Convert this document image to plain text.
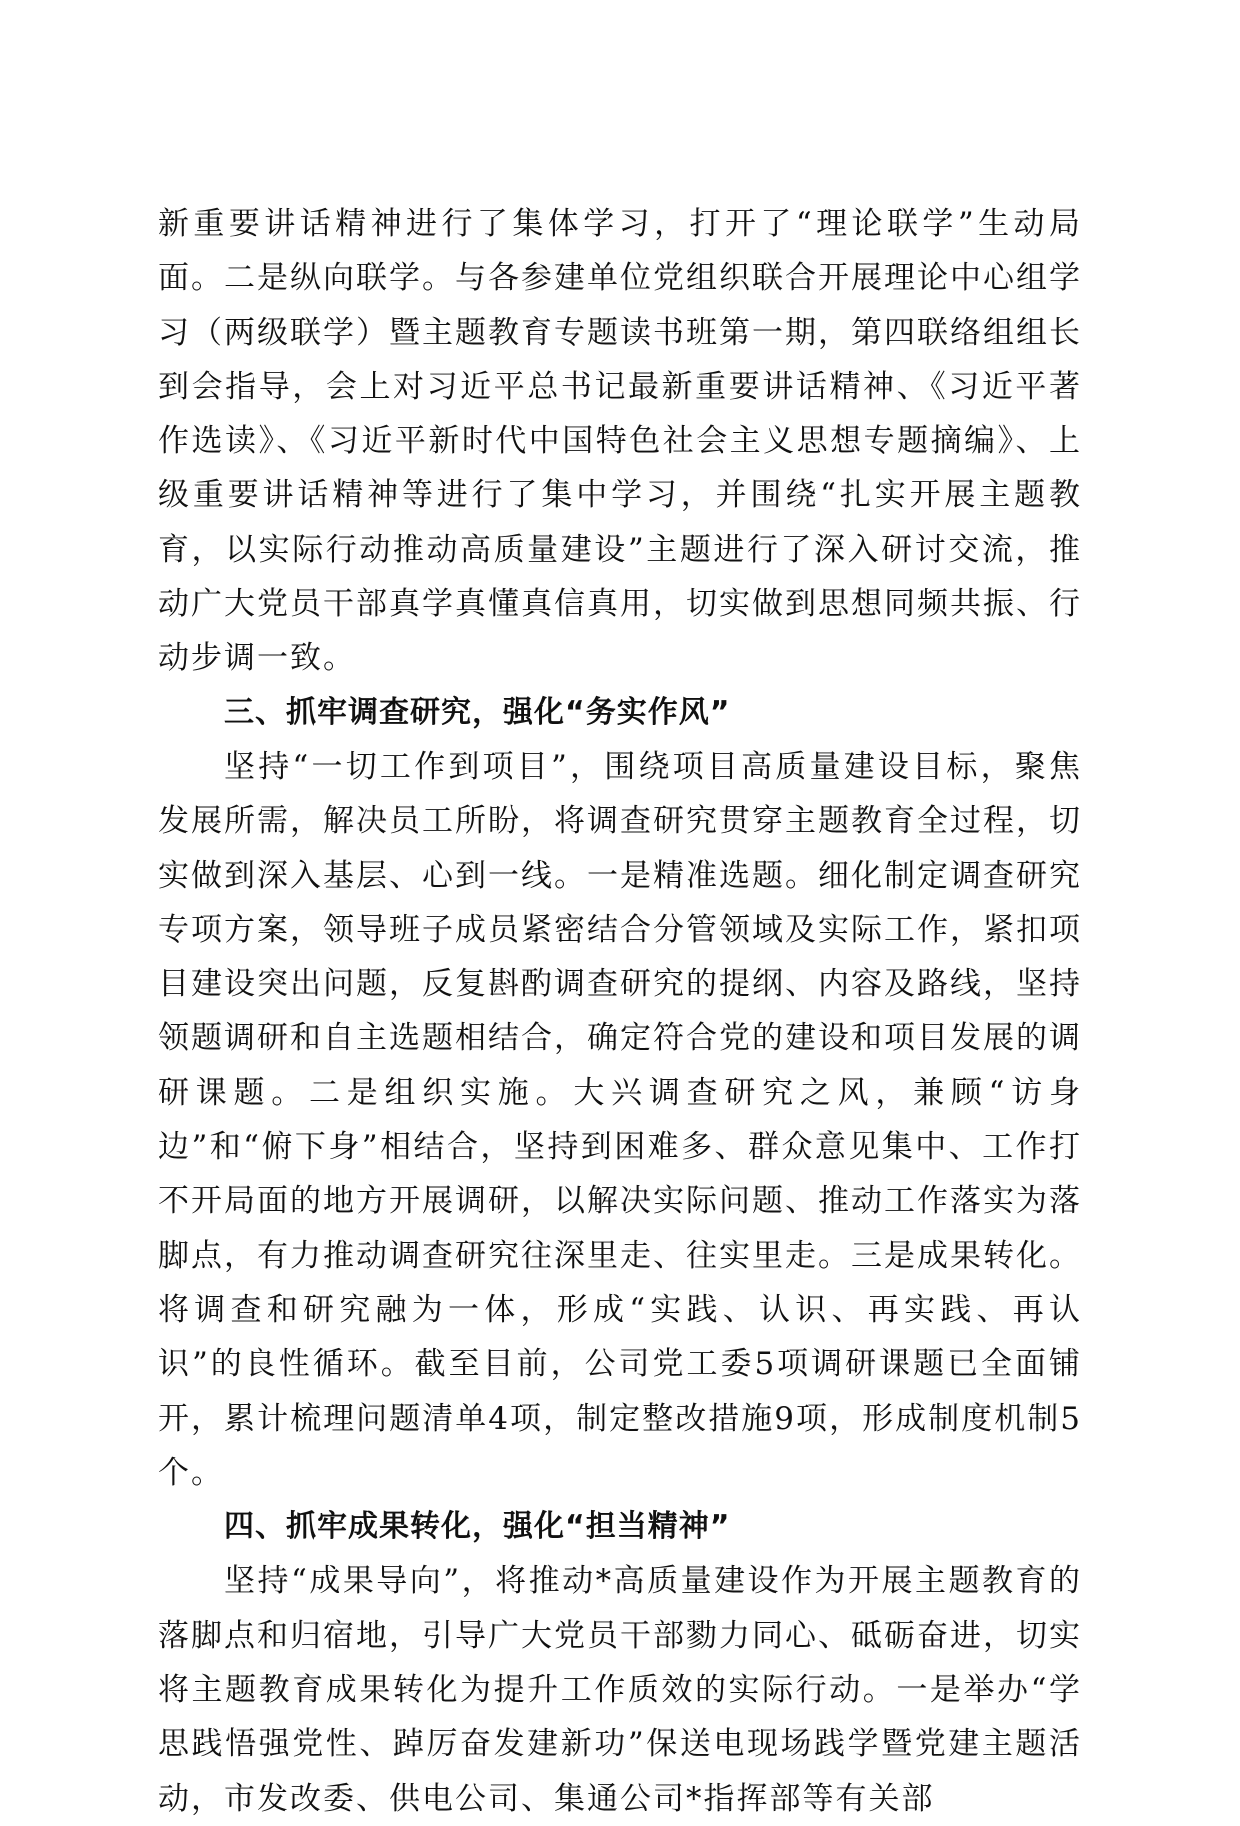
新重要讲话精神进行了集体学习，打开了“理论联学”生动局面。二是纵向联学。与各参建单位党组织联合开展理论中心组学习（两级联学）暨主题教育专题读书班第一期，第四联络组组长到会指导，会上对习近平总书记最新重要讲话精神、《习近平著作选读》、《习近平新时代中国特色社会主义思想专题摘编》、上级重要讲话精神等进行了集中学习，并围绕“扎实开展主题教育，以实际行动推动高质量建设”主题进行了深入研讨交流，推动广大党员干部真学真懂真信真用，切实做到思想同频共振、行动步调一致。

三、抓牢调查研究，强化“务实作风”

坚持“一切工作到项目”，围绕项目高质量建设目标，聚焦发展所需，解决员工所盼，将调查研究贯穿主题教育全过程，切实做到深入基层、心到一线。一是精准选题。细化制定调查研究专项方案，领导班子成员紧密结合分管领域及实际工作，紧扣项目建设突出问题，反复斟酌调查研究的提纲、内容及路线，坚持领题调研和自主选题相结合，确定符合党的建设和项目发展的调研课题。二是组织实施。大兴调查研究之风，兼顾“访身边”和“俯下身”相结合，坚持到困难多、群众意见集中、工作打不开局面的地方开展调研，以解决实际问题、推动工作落实为落脚点，有力推动调查研究往深里走、往实里走。三是成果转化。将调查和研究融为一体，形成“实践、认识、再实践、再认识”的良性循环。截至目前，公司党工委5项调研课题已全面铺开，累计梳理问题清单4项，制定整改措施9项，形成制度机制5个。

四、抓牢成果转化，强化“担当精神”

坚持“成果导向”，将推动*高质量建设作为开展主题教育的落脚点和归宿地，引导广大党员干部勠力同心、砥砺奋进，切实将主题教育成果转化为提升工作质效的实际行动。一是举办“学思践悟强党性、踔厉奋发建新功”保送电现场践学暨党建主题活动，市发改委、供电公司、集通公司*指挥部等有关部
